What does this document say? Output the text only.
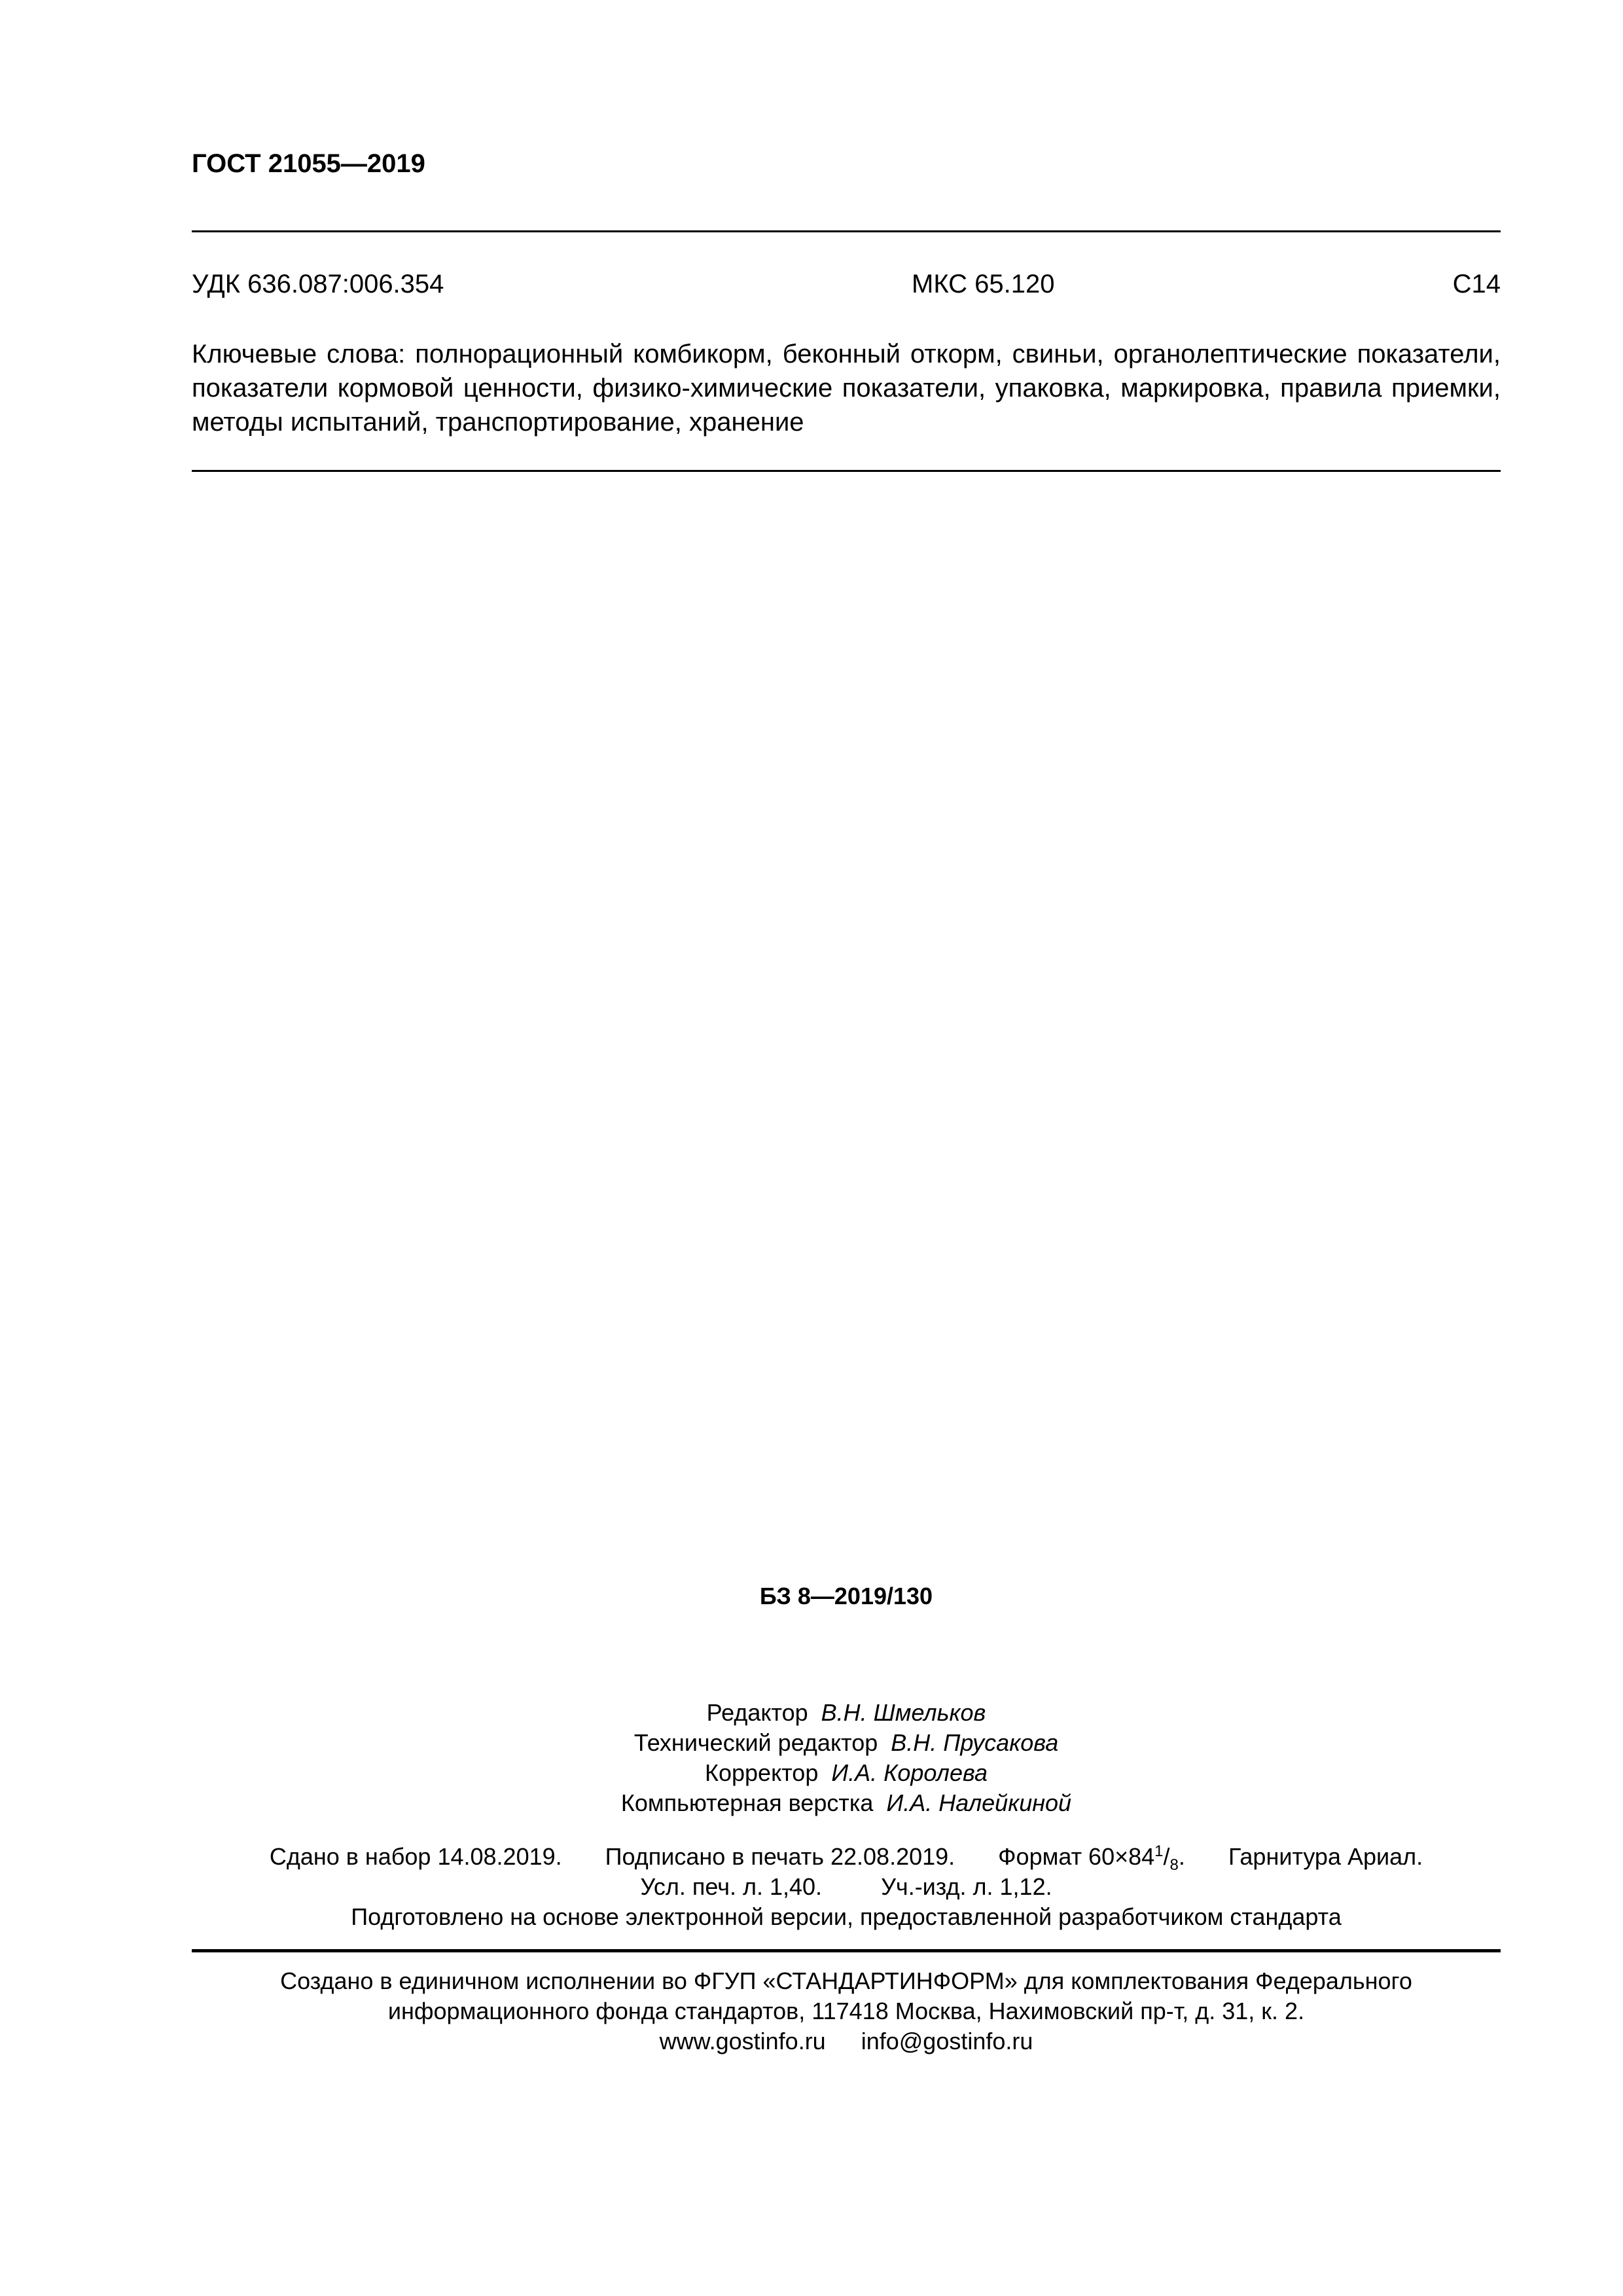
ГОСТ 21055—2019
УДК 636.087:006.354	МКС 65.120	С14
Ключевые слова: полнорационный комбикорм, беконный откорм, свиньи, органолептические показатели, показатели кормовой ценности, физико-химические показатели, упаковка, маркировка, правила приемки, методы испытаний, транспортирование, хранение
БЗ 8—2019/130
Редактор В.Н. Шмельков
Технический редактор В.Н. Прусакова
Корректор И.А. Королева
Компьютерная верстка И.А. Налейкиной
Сдано в набор 14.08.2019. Подписано в печать 22.08.2019. Формат $60\times 84^1/_8$. Гарнитура Ариал.
Усл. печ. л. 1,40.	Уч.-изд. л. 1,12.
Подготовлено на основе электронной версии, предоставленной разработчиком стандарта
Создано в единичном исполнении во ФГУП «СТАНДАРТИНФОРМ» для комплектования Федерального
информационного фонда стандартов, 117418 Москва, Нахимовский пр-т, д. 31, к. 2.
www.gostinfo.ru info@gostinfo.ru
